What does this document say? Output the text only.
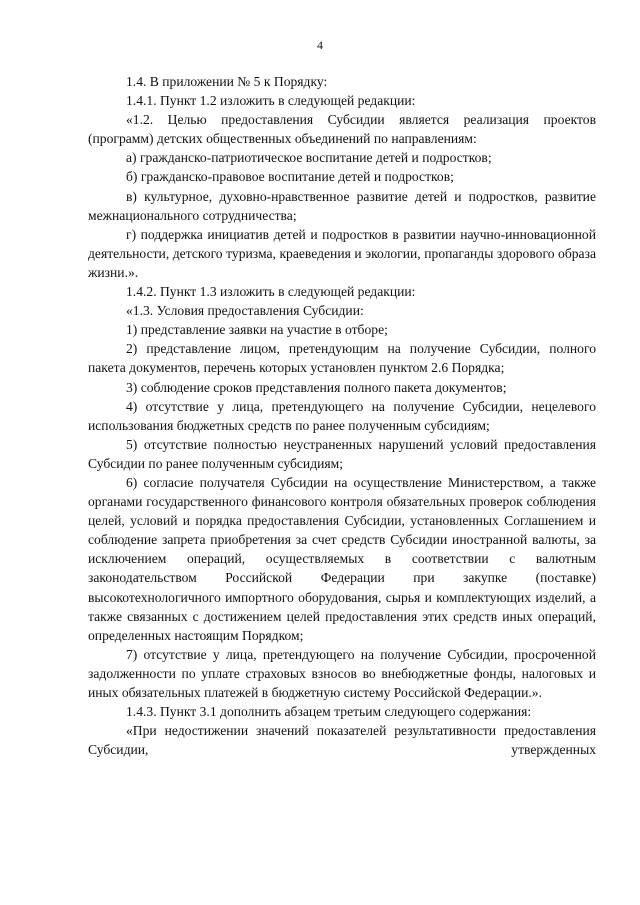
4

1.4. В приложении № 5 к Порядку:

1.4.1. Пункт 1.2 изложить в следующей редакции:

«1.2. Целью предоставления Субсидии является реализация проектов (программ) детских общественных объединений по направлениям:

а) гражданско-патриотическое воспитание детей и подростков;

б) гражданско-правовое воспитание детей и подростков;

в) культурное, духовно-нравственное развитие детей и подростков, развитие межнационального сотрудничества;

г) поддержка инициатив детей и подростков в развитии научно-инновационной деятельности, детского туризма, краеведения и экологии, пропаганды здорового образа жизни.».

1.4.2. Пункт 1.3 изложить в следующей редакции:

«1.3. Условия предоставления Субсидии:

1) представление заявки на участие в отборе;

2) представление лицом, претендующим на получение Субсидии, полного пакета документов, перечень которых установлен пунктом 2.6 Порядка;

3) соблюдение сроков представления полного пакета документов;

4) отсутствие у лица, претендующего на получение Субсидии, нецелевого использования бюджетных средств по ранее полученным субсидиям;

5) отсутствие полностью неустраненных нарушений условий предоставления Субсидии по ранее полученным субсидиям;

6) согласие получателя Субсидии на осуществление Министерством, а также органами государственного финансового контроля обязательных проверок соблюдения целей, условий и порядка предоставления Субсидии, установленных Соглашением и соблюдение запрета приобретения за счет средств Субсидии иностранной валюты, за исключением операций, осуществляемых в соответствии с валютным законодательством Российской Федерации при закупке (поставке) высокотехнологичного импортного оборудования, сырья и комплектующих изделий, а также связанных с достижением целей предоставления этих средств иных операций, определенных настоящим Порядком;

7) отсутствие у лица, претендующего на получение Субсидии, просроченной задолженности по уплате страховых взносов во внебюджетные фонды, налоговых и иных обязательных платежей в бюджетную систему Российской Федерации.».

1.4.3. Пункт 3.1 дополнить абзацем третьим следующего содержания:

«При недостижении значений показателей результативности предоставления Субсидии, утвержденных
